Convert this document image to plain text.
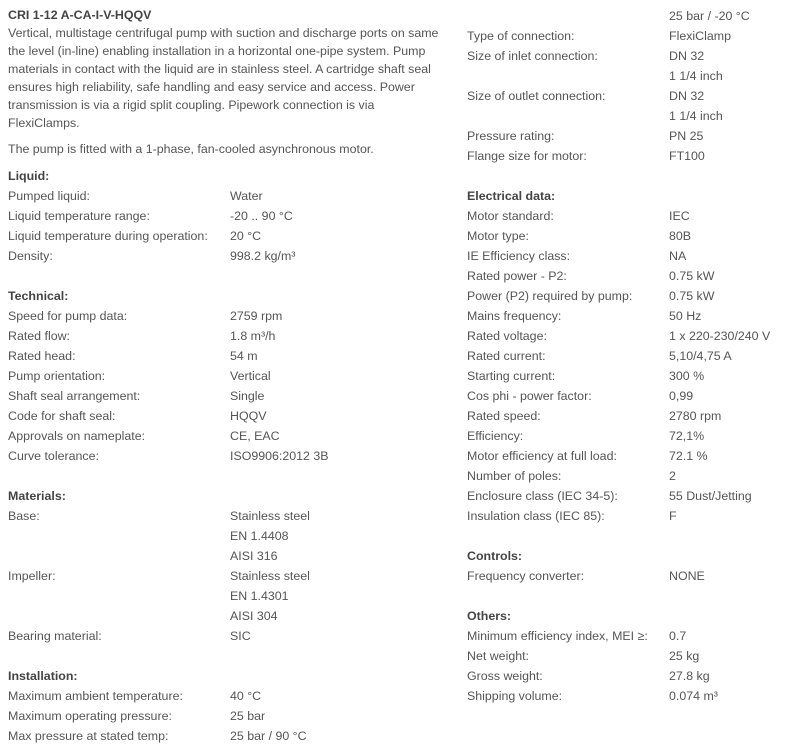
CRI 1-12 A-CA-I-V-HQQV

Vertical, multistage centrifugal pump with suction and discharge ports on same the level (in-line) enabling installation in a horizontal one-pipe system. Pump materials in contact with the liquid are in stainless steel. A cartridge shaft seal ensures high reliability, safe handling and easy service and access. Power transmission is via a rigid split coupling. Pipework connection is via FlexiClamps.

The pump is fitted with a 1-phase, fan-cooled asynchronous motor.
Liquid:
Pumped liquid:	Water
Liquid temperature range:	-20 .. 90 °C
Liquid temperature during operation:	20 °C
Density:	998.2 kg/m³
Technical:
Speed for pump data:	2759 rpm
Rated flow:	1.8 m³/h
Rated head:	54 m
Pump orientation:	Vertical
Shaft seal arrangement:	Single
Code for shaft seal:	HQQV
Approvals on nameplate:	CE, EAC
Curve tolerance:	ISO9906:2012 3B
Materials:
Base:	Stainless steel
EN 1.4408
AISI 316
Impeller:	Stainless steel
EN 1.4301
AISI 304
Bearing material:	SIC
Installation:
Maximum ambient temperature:	40 °C
Maximum operating pressure:	25 bar
Max pressure at stated temp:	25 bar / 90 °C
25 bar / -20 °C
Type of connection:	FlexiClamp
Size of inlet connection:	DN 32
1 1/4 inch
Size of outlet connection:	DN 32
1 1/4 inch
Pressure rating:	PN 25
Flange size for motor:	FT100
Electrical data:
Motor standard:	IEC
Motor type:	80B
IE Efficiency class:	NA
Rated power - P2:	0.75 kW
Power (P2) required by pump:	0.75 kW
Mains frequency:	50 Hz
Rated voltage:	1 x 220-230/240 V
Rated current:	5,10/4,75 A
Starting current:	300 %
Cos phi - power factor:	0,99
Rated speed:	2780 rpm
Efficiency:	72,1%
Motor efficiency at full load:	72.1 %
Number of poles:	2
Enclosure class (IEC 34-5):	55 Dust/Jetting
Insulation class (IEC 85):	F
Controls:
Frequency converter:	NONE
Others:
Minimum efficiency index, MEI ≥:	0.7
Net weight:	25 kg
Gross weight:	27.8 kg
Shipping volume:	0.074 m³
